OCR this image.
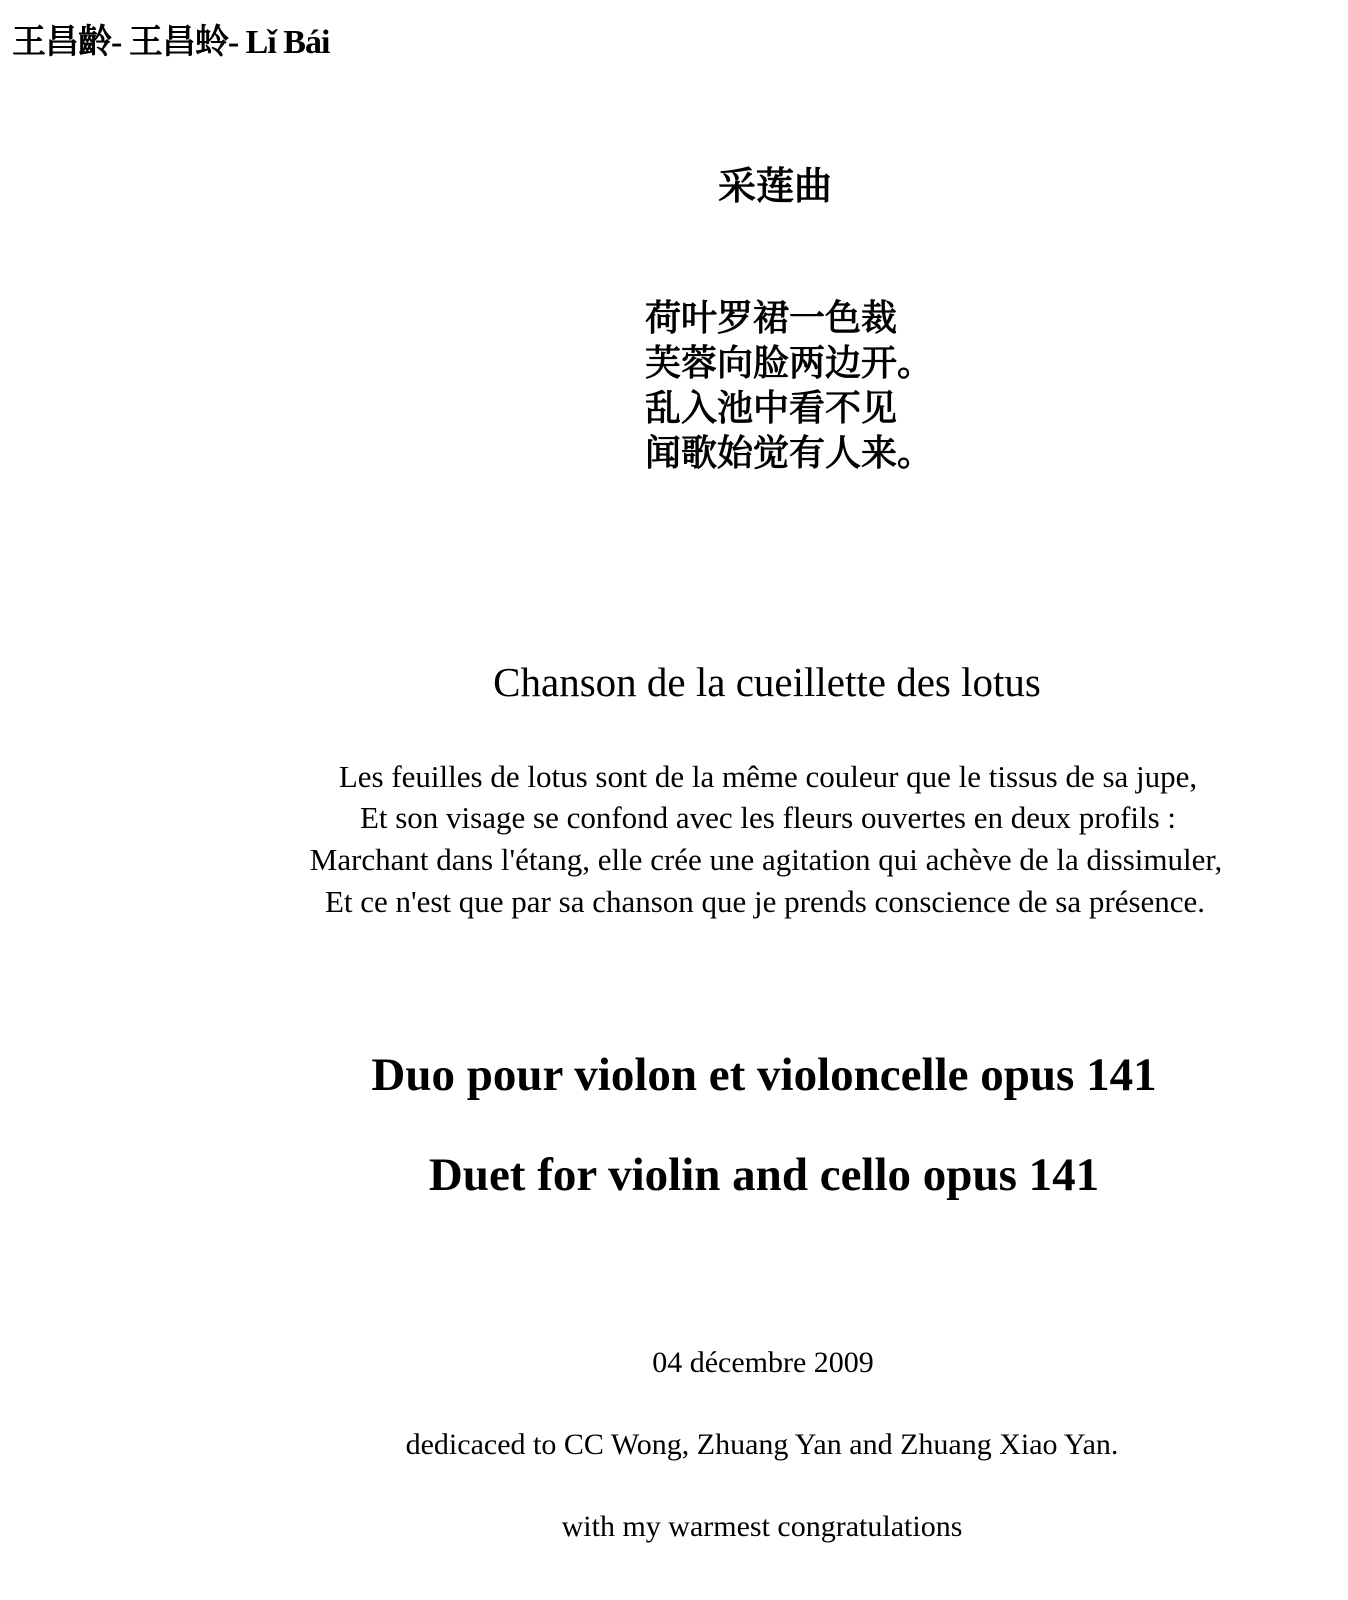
王昌齡- 王昌蛉- Lǐ Bái
采莲曲
荷叶罗裙一色裁
芙蓉向脸两边开。
乱入池中看不见
闻歌始觉有人来。
Chanson de la cueillette des lotus
Les feuilles de lotus sont de la même couleur que le tissus de sa jupe,
Et son visage se confond avec les fleurs ouvertes en deux profils :
Marchant dans l'étang, elle crée une agitation qui achève de la dissimuler,
Et ce n'est que par sa chanson que je prends conscience de sa présence.
Duo pour violon et violoncelle opus 141
Duet for violin and cello opus 141
04 décembre 2009
dedicaced to CC Wong, Zhuang Yan and Zhuang Xiao Yan.
with my warmest congratulations
